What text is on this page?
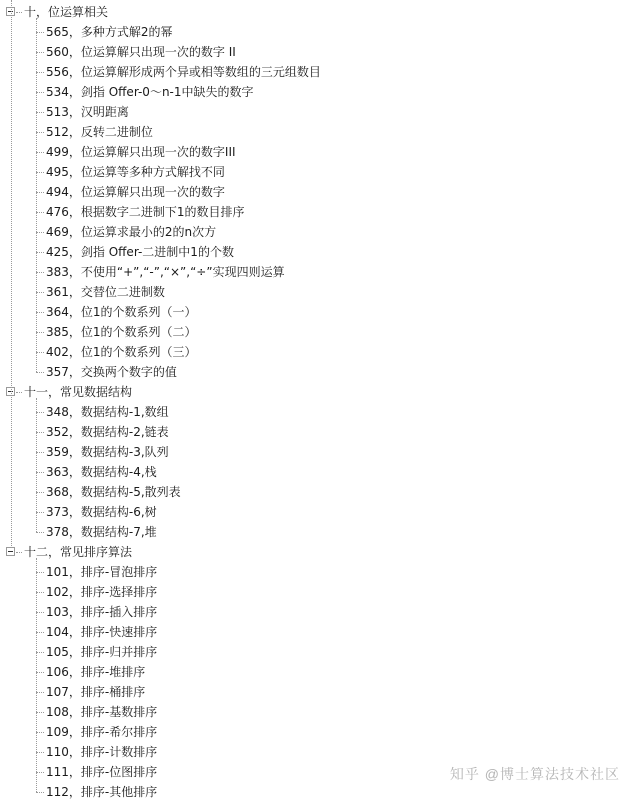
十，位运算相关
565，多种方式解2的幂
560，位运算解只出现一次的数字 II
556，位运算解形成两个异或相等数组的三元组数目
534，剑指 Offer-0～n-1中缺失的数字
513，汉明距离
512，反转二进制位
499，位运算解只出现一次的数字III
495，位运算等多种方式解找不同
494，位运算解只出现一次的数字
476，根据数字二进制下1的数目排序
469，位运算求最小的2的n次方
425，剑指 Offer-二进制中1的个数
383，不使用“+”,“-”,“×”,“÷”实现四则运算
361，交替位二进制数
364，位1的个数系列（一）
385，位1的个数系列（二）
402，位1的个数系列（三）
357，交换两个数字的值
十一，常见数据结构
348，数据结构-1,数组
352，数据结构-2,链表
359，数据结构-3,队列
363，数据结构-4,栈
368，数据结构-5,散列表
373，数据结构-6,树
378，数据结构-7,堆
十二，常见排序算法
101，排序-冒泡排序
102，排序-选择排序
103，排序-插入排序
104，排序-快速排序
105，排序-归并排序
106，排序-堆排序
107，排序-桶排序
108，排序-基数排序
109，排序-希尔排序
110，排序-计数排序
111，排序-位图排序
112，排序-其他排序
知乎 @博士算法技术社区
